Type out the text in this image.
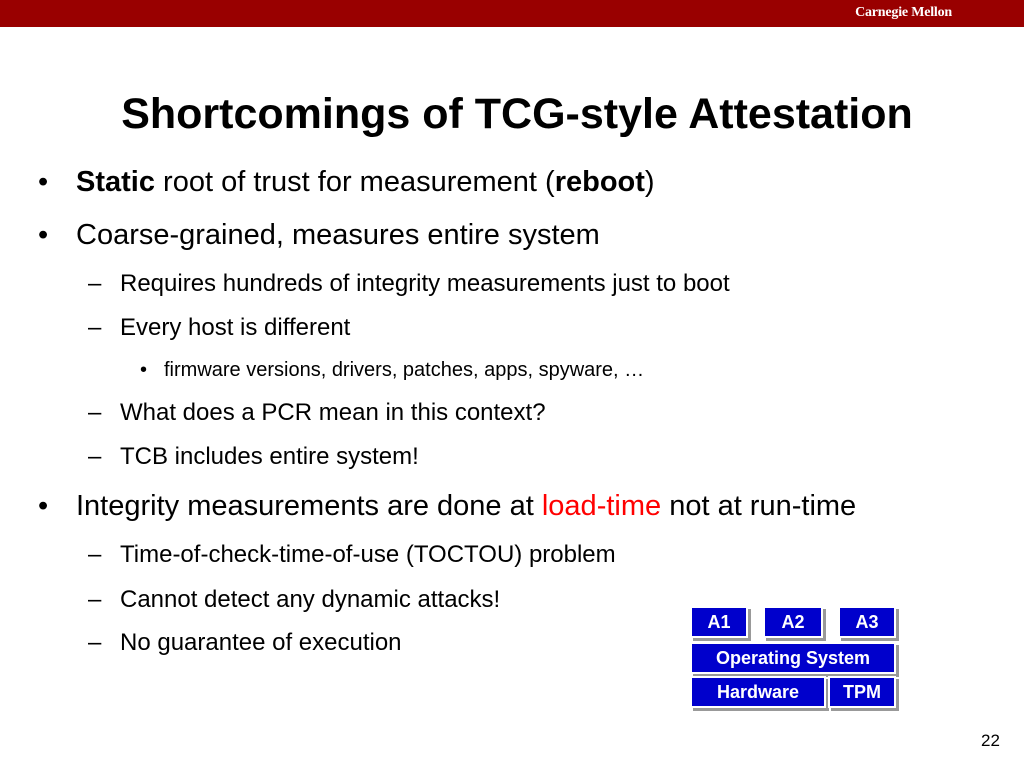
Carnegie Mellon
Shortcomings of TCG-style Attestation
• Static root of trust for measurement (reboot)
• Coarse-grained, measures entire system
– Requires hundreds of integrity measurements just to boot
– Every host is different
• firmware versions, drivers, patches, apps, spyware, …
– What does a PCR mean in this context?
– TCB includes entire system!
• Integrity measurements are done at load-time not at run-time
– Time-of-check-time-of-use (TOCTOU) problem
– Cannot detect any dynamic attacks!
– No guarantee of execution
A1	A2	A3
Operating System
Hardware	TPM
22
